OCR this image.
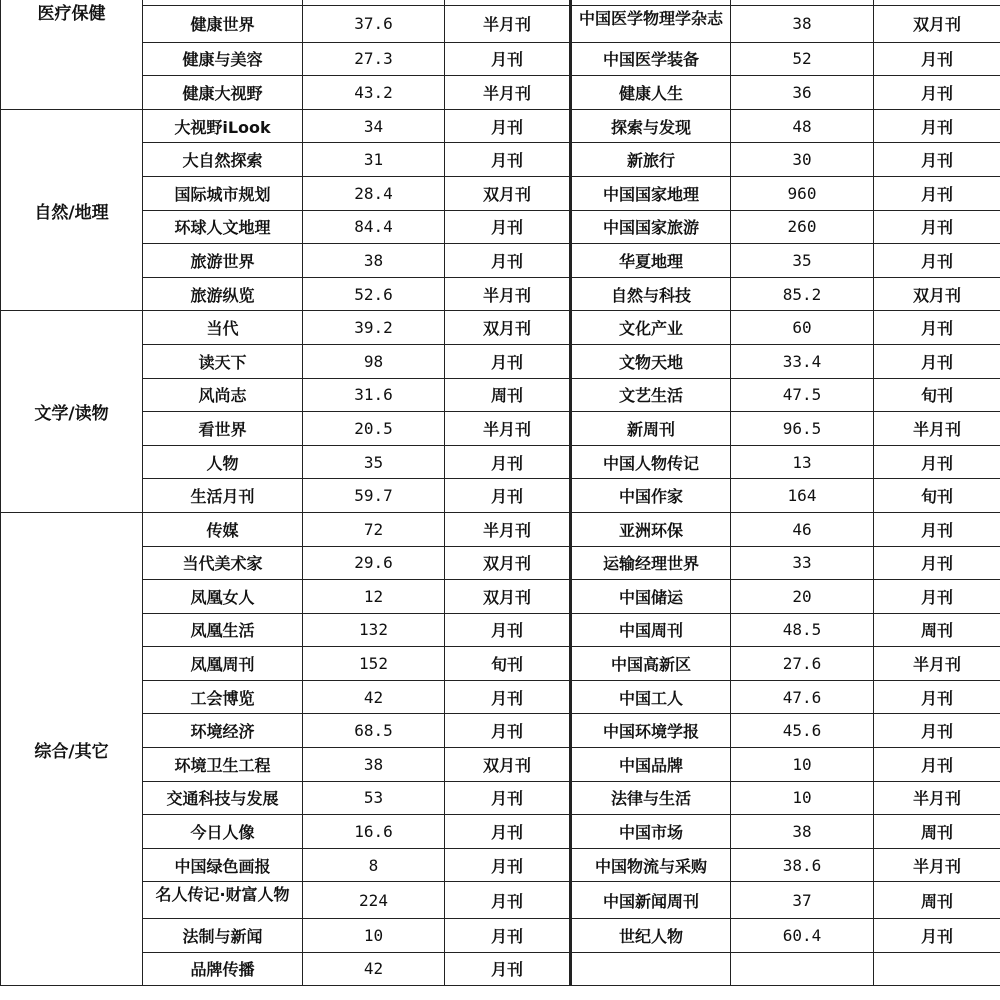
医疗保健						
	健康世界	37.6	半月刊	中国医学物理学杂志	38	双月刊
	健康与美容	27.3	月刊	中国医学装备	52	月刊
	健康大视野	43.2	半月刊	健康人生	36	月刊
自然/地理	大视野iLook	34	月刊	探索与发现	48	月刊
	大自然探索	31	月刊	新旅行	30	月刊
	国际城市规划	28.4	双月刊	中国国家地理	960	月刊
	环球人文地理	84.4	月刊	中国国家旅游	260	月刊
	旅游世界	38	月刊	华夏地理	35	月刊
	旅游纵览	52.6	半月刊	自然与科技	85.2	双月刊
文学/读物	当代	39.2	双月刊	文化产业	60	月刊
	读天下	98	月刊	文物天地	33.4	月刊
	风尚志	31.6	周刊	文艺生活	47.5	旬刊
	看世界	20.5	半月刊	新周刊	96.5	半月刊
	人物	35	月刊	中国人物传记	13	月刊
	生活月刊	59.7	月刊	中国作家	164	旬刊
综合/其它	传媒	72	半月刊	亚洲环保	46	月刊
	当代美术家	29.6	双月刊	运输经理世界	33	月刊
	凤凰女人	12	双月刊	中国储运	20	月刊
	凤凰生活	132	月刊	中国周刊	48.5	周刊
	凤凰周刊	152	旬刊	中国高新区	27.6	半月刊
	工会博览	42	月刊	中国工人	47.6	月刊
	环境经济	68.5	月刊	中国环境学报	45.6	月刊
	环境卫生工程	38	双月刊	中国品牌	10	月刊
	交通科技与发展	53	月刊	法律与生活	10	半月刊
	今日人像	16.6	月刊	中国市场	38	周刊
	中国绿色画报	8	月刊	中国物流与采购	38.6	半月刊
	名人传记·财富人物	224	月刊	中国新闻周刊	37	周刊
	法制与新闻	10	月刊	世纪人物	60.4	月刊
	品牌传播	42	月刊			
